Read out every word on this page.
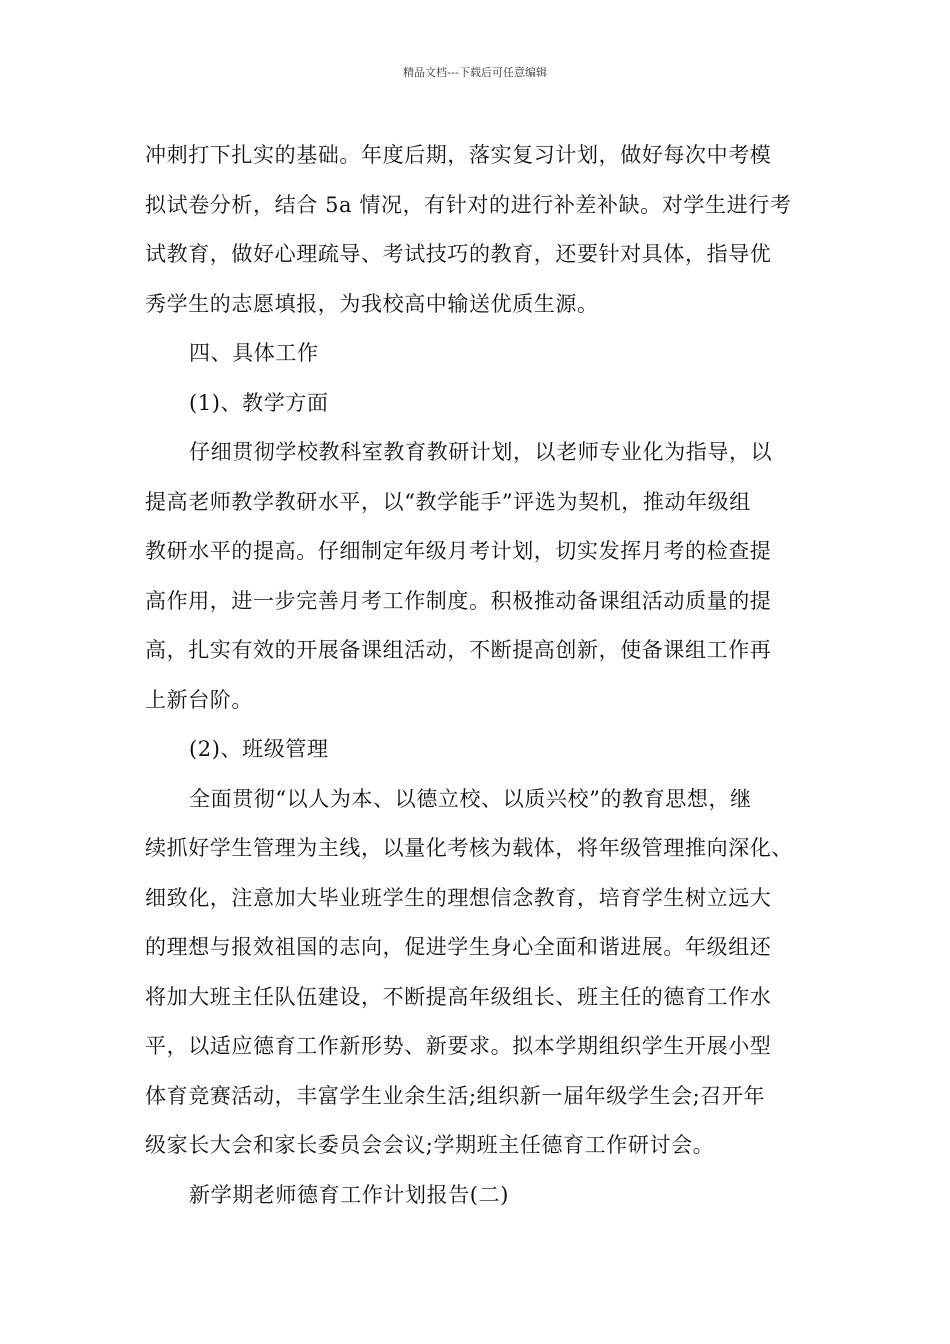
精品文档---下载后可任意编辑
冲刺打下扎实的基础。年度后期，落实复习计划，做好每次中考模
拟试卷分析，结合 5a 情况，有针对的进行补差补缺。对学生进行考
试教育，做好心理疏导、考试技巧的教育，还要针对具体，指导优
秀学生的志愿填报，为我校高中输送优质生源。
四、具体工作
(1)、教学方面
仔细贯彻学校教科室教育教研计划，以老师专业化为指导，以
提高老师教学教研水平，以“教学能手”评选为契机，推动年级组
教研水平的提高。仔细制定年级月考计划，切实发挥月考的检查提
高作用，进一步完善月考工作制度。积极推动备课组活动质量的提
高，扎实有效的开展备课组活动，不断提高创新，使备课组工作再
上新台阶。
(2)、班级管理
全面贯彻“以人为本、以德立校、以质兴校”的教育思想，继
续抓好学生管理为主线，以量化考核为载体，将年级管理推向深化、
细致化，注意加大毕业班学生的理想信念教育，培育学生树立远大
的理想与报效祖国的志向，促进学生身心全面和谐进展。年级组还
将加大班主任队伍建设，不断提高年级组长、班主任的德育工作水
平，以适应德育工作新形势、新要求。拟本学期组织学生开展小型
体育竞赛活动，丰富学生业余生活;组织新一届年级学生会;召开年
级家长大会和家长委员会会议;学期班主任德育工作研讨会。
新学期老师德育工作计划报告(二)
